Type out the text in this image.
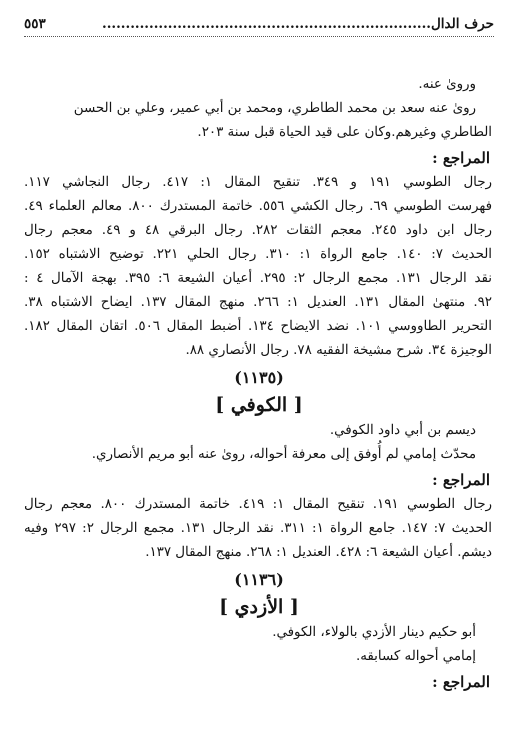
حرف الدال......................................................................
٥٥٣
وروىٰ عنه.
روىٰ عنه سعد بن محمد الطاطري، ومحمد بن أبي عمير، وعلي بن الحسن
الطاطري وغيرهم.وكان على قيد الحياة قبل سنة ٢٠٣.
المراجع :
رجال الطوسي ١٩١ و ٣٤٩. تنقيح المقال ١: ٤١٧. رجال النجاشي ١١٧.
فهرست الطوسي ٦٩. رجال الكشي ٥٥٦. خاتمة المستدرك ٨٠٠. معالم العلماء ٤٩.
رجال ابن داود ٢٤٥. معجم الثقات ٢٨٢. رجال البرقي ٤٨ و ٤٩. معجم رجال
الحديث ٧: ١٤٠. جامع الرواة ١: ٣١٠. رجال الحلي ٢٢١. توضيح الاشتباه ١٥٢.
نقد الرجال ١٣١. مجمع الرجال ٢: ٢٩٥. أعيان الشيعة ٦: ٣٩٥. بهجة الآمال ٤ :
٩٢. منتهىٰ المقال ١٣١. العنديل ١: ٢٦٦. منهج المقال ١٣٧. ايضاح الاشتباه ٣٨.
التحرير الطاووسي ١٠١. نضد الايضاح ١٣٤. أضبط المقال ٥٠٦. اتقان المقال ١٨٢.
الوجيزة ٣٤. شرح مشيخة الفقيه ٧٨. رجال الأنصاري ٨٨.
(١١٣٥)
[ الكوفي ]
ديسم بن أبي داود الكوفي.
محدّث إمامي لم أُوفق إلى معرفة أحواله، روىٰ عنه أبو مريم الأنصاري.
المراجع :
رجال الطوسي ١٩١. تنقيح المقال ١: ٤١٩. خاتمة المستدرك ٨٠٠. معجم رجال
الحديث ٧: ١٤٧. جامع الرواة ١: ٣١١. نقد الرجال ١٣١. مجمع الرجال ٢: ٢٩٧ وفيه
ديشم. أعيان الشيعة ٦: ٤٢٨. العنديل ١: ٢٦٨. منهج المقال ١٣٧.
(١١٣٦)
[ الأزدي ]
أبو حكيم دينار الأزدي بالولاء، الكوفي.
إمامي أحواله كسابقه.
المراجع :
